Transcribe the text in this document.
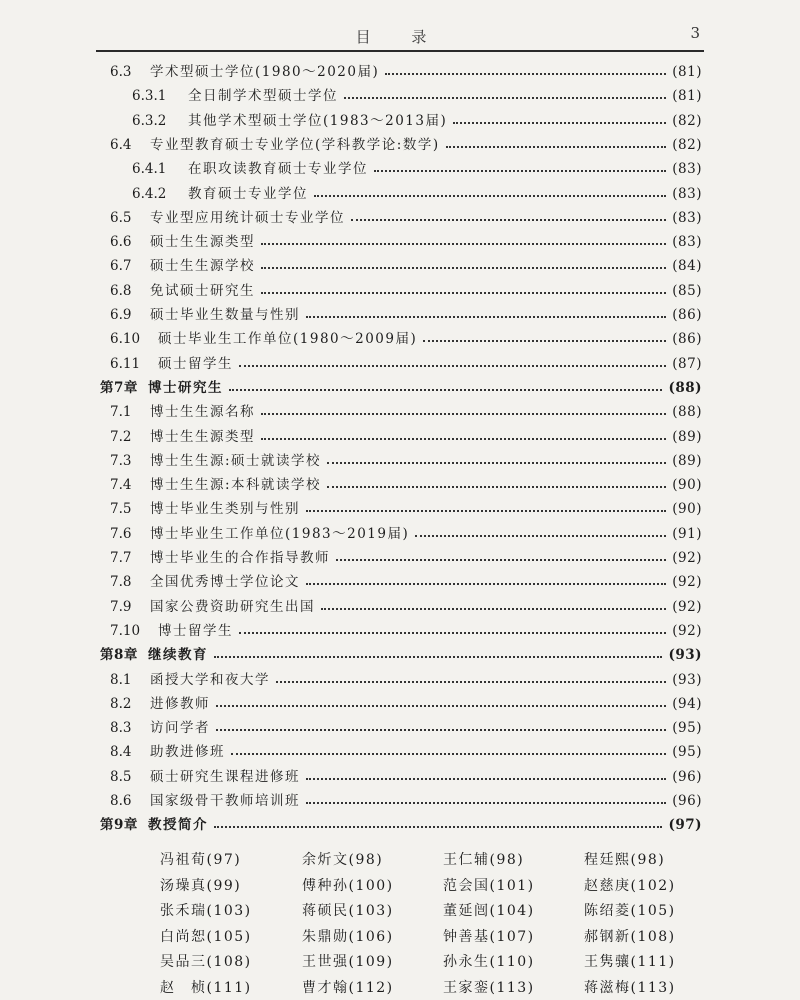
目 录	3
6.3 学术型硕士学位(1980～2020届)	(81)
6.3.1 全日制学术型硕士学位	(81)
6.3.2 其他学术型硕士学位(1983～2013届)	(82)
6.4 专业型教育硕士专业学位(学科教学论:数学)	(82)
6.4.1 在职攻读教育硕士专业学位	(83)
6.4.2 教育硕士专业学位	(83)
6.5 专业型应用统计硕士专业学位	(83)
6.6 硕士生生源类型	(83)
6.7 硕士生生源学校	(84)
6.8 免试硕士研究生	(85)
6.9 硕士毕业生数量与性别	(86)
6.10 硕士毕业生工作单位(1980～2009届)	(86)
6.11 硕士留学生	(87)
第7章 博士研究生	(88)
7.1 博士生生源名称	(88)
7.2 博士生生源类型	(89)
7.3 博士生生源:硕士就读学校	(89)
7.4 博士生生源:本科就读学校	(90)
7.5 博士毕业生类别与性别	(90)
7.6 博士毕业生工作单位(1983～2019届)	(91)
7.7 博士毕业生的合作指导教师	(92)
7.8 全国优秀博士学位论文	(92)
7.9 国家公费资助研究生出国	(92)
7.10 博士留学生	(92)
第8章 继续教育	(93)
8.1 函授大学和夜大学	(93)
8.2 进修教师	(94)
8.3 访问学者	(95)
8.4 助教进修班	(95)
8.5 硕士研究生课程进修班	(96)
8.6 国家级骨干教师培训班	(96)
第9章 教授简介	(97)
冯祖荀(97)	余炘文(98)	王仁辅(98)	程廷熙(98)
汤璪真(99)	傅种孙(100)	范会国(101)	赵慈庚(102)
张禾瑞(103)	蒋硕民(103)	董延闿(104)	陈绍菱(105)
白尚恕(105)	朱鼎勋(106)	钟善基(107)	郝钢新(108)
吴品三(108)	王世强(109)	孙永生(110)	王隽骧(111)
赵　桢(111)	曹才翰(112)	王家銮(113)	蒋滋梅(113)
